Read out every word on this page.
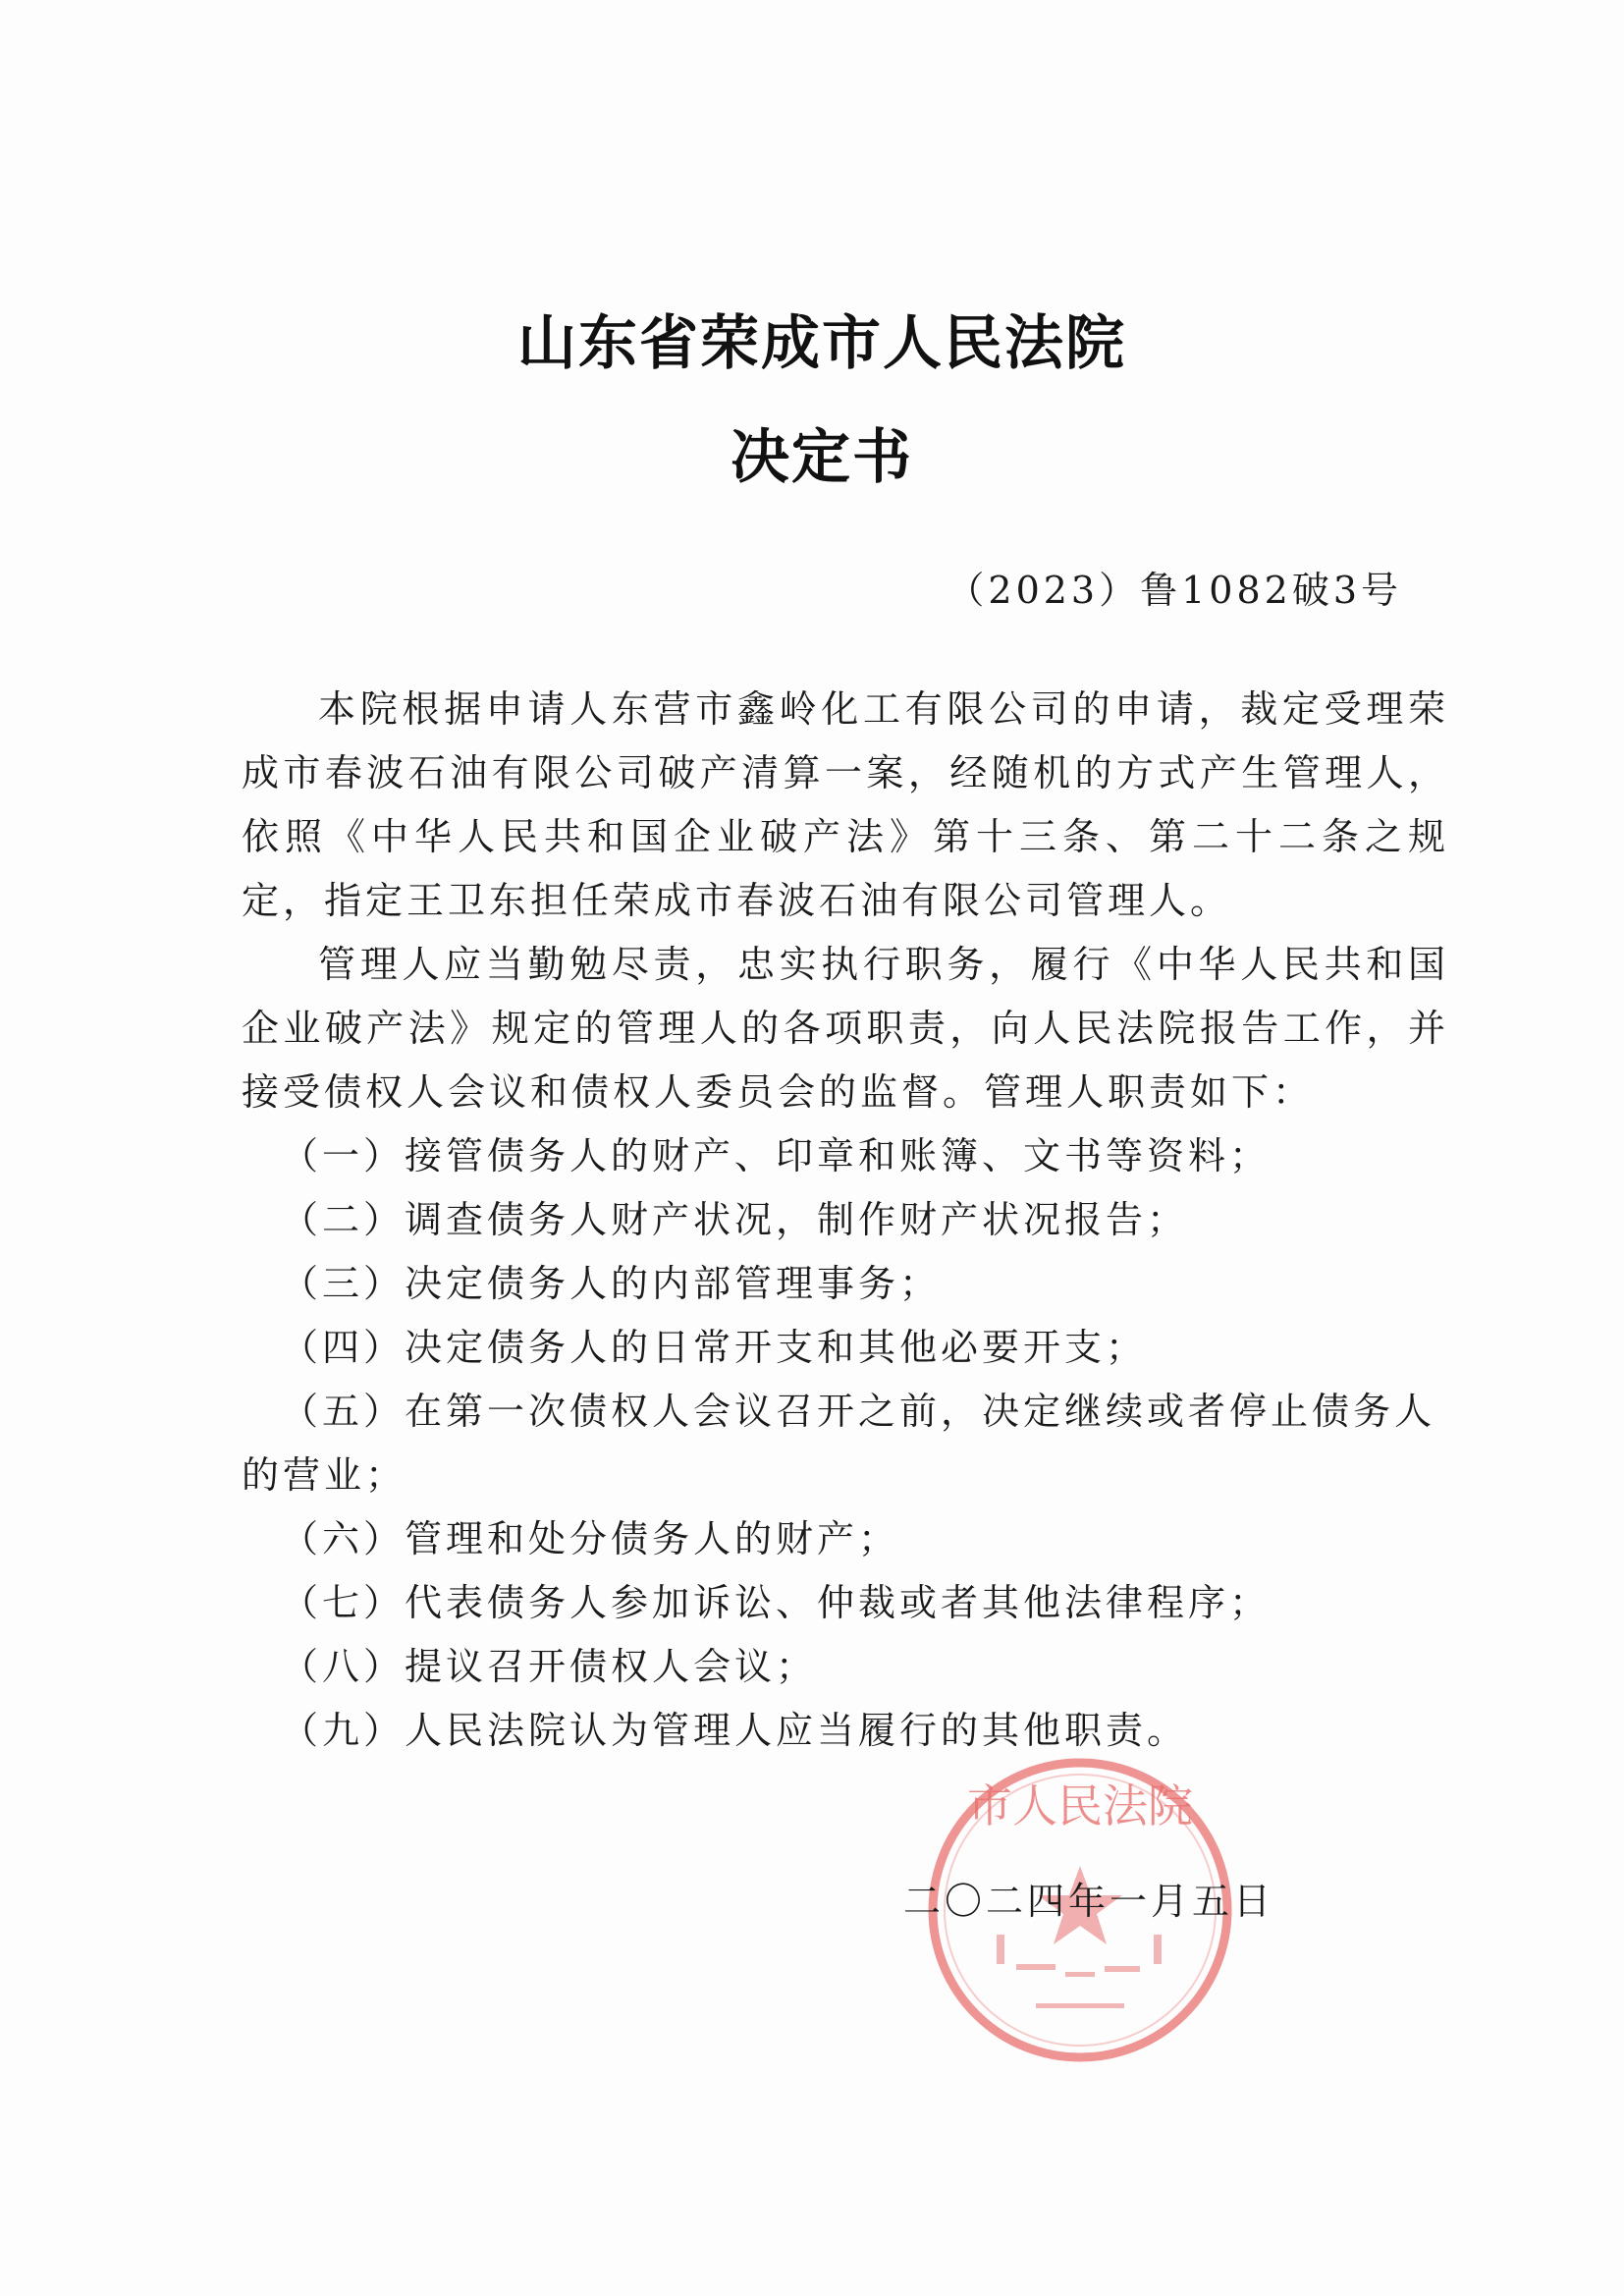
山东省荣成市人民法院
决定书
（2023）鲁1082破3号

本院根据申请人东营市鑫岭化工有限公司的申请，裁定受理荣成市春波石油有限公司破产清算一案，经随机的方式产生管理人，依照《中华人民共和国企业破产法》第十三条、第二十二条之规定，指定王卫东担任荣成市春波石油有限公司管理人。

管理人应当勤勉尽责，忠实执行职务，履行《中华人民共和国企业破产法》规定的管理人的各项职责，向人民法院报告工作，并接受债权人会议和债权人委员会的监督。管理人职责如下：

（一）接管债务人的财产、印章和账簿、文书等资料；
（二）调查债务人财产状况，制作财产状况报告；
（三）决定债务人的内部管理事务；
（四）决定债务人的日常开支和其他必要开支；
（五）在第一次债权人会议召开之前，决定继续或者停止债务人的营业；
（六）管理和处分债务人的财产；
（七）代表债务人参加诉讼、仲裁或者其他法律程序；
（八）提议召开债权人会议；
（九）人民法院认为管理人应当履行的其他职责。
市人民法院
二〇二四年一月五日
